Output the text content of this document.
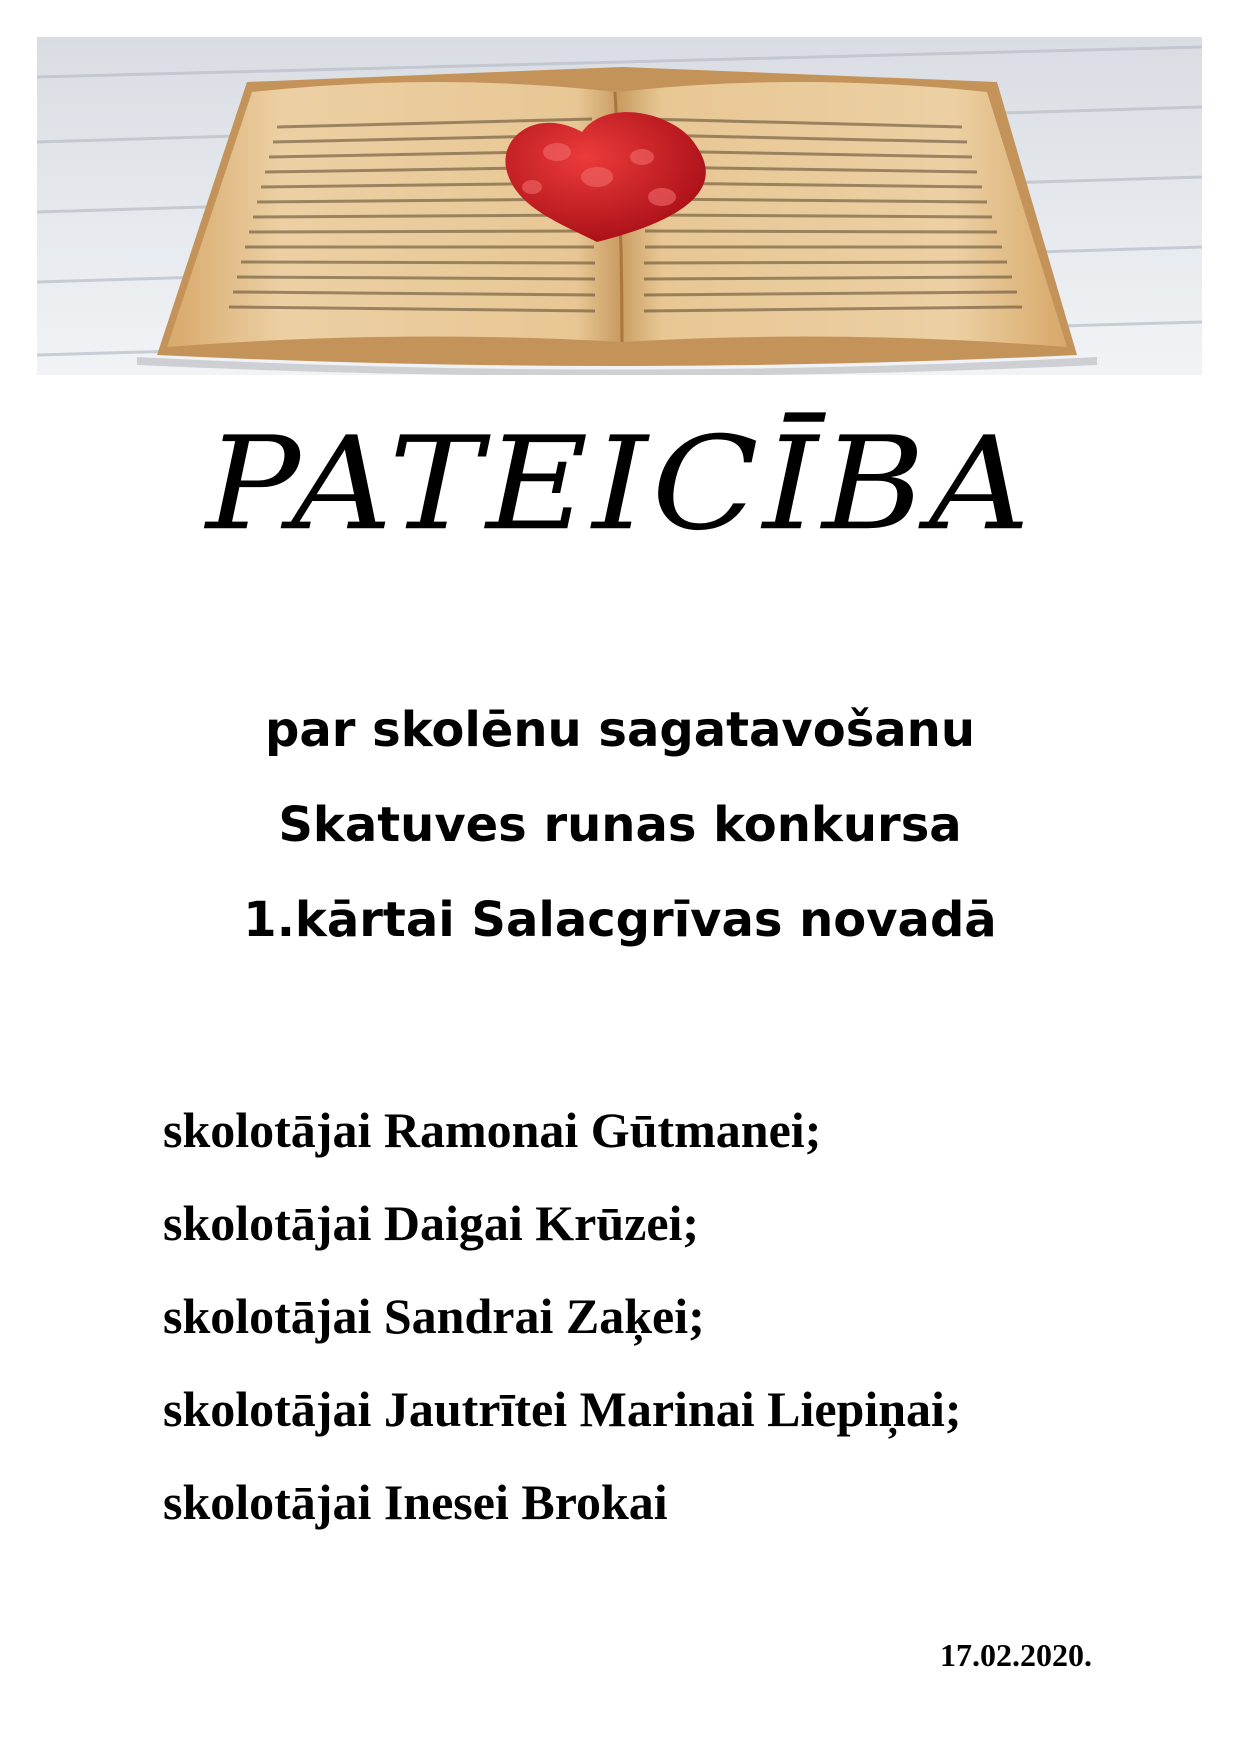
PATEICĪBA
par skolēnu sagatavošanu
Skatuves runas konkursa
1.kārtai Salacgrīvas novadā
skolotājai Ramonai Gūtmanei;
skolotājai Daigai Krūzei;
skolotājai Sandrai Zaķei;
skolotājai Jautrītei Marinai Liepiņai;
skolotājai Inesei Brokai
17.02.2020.
